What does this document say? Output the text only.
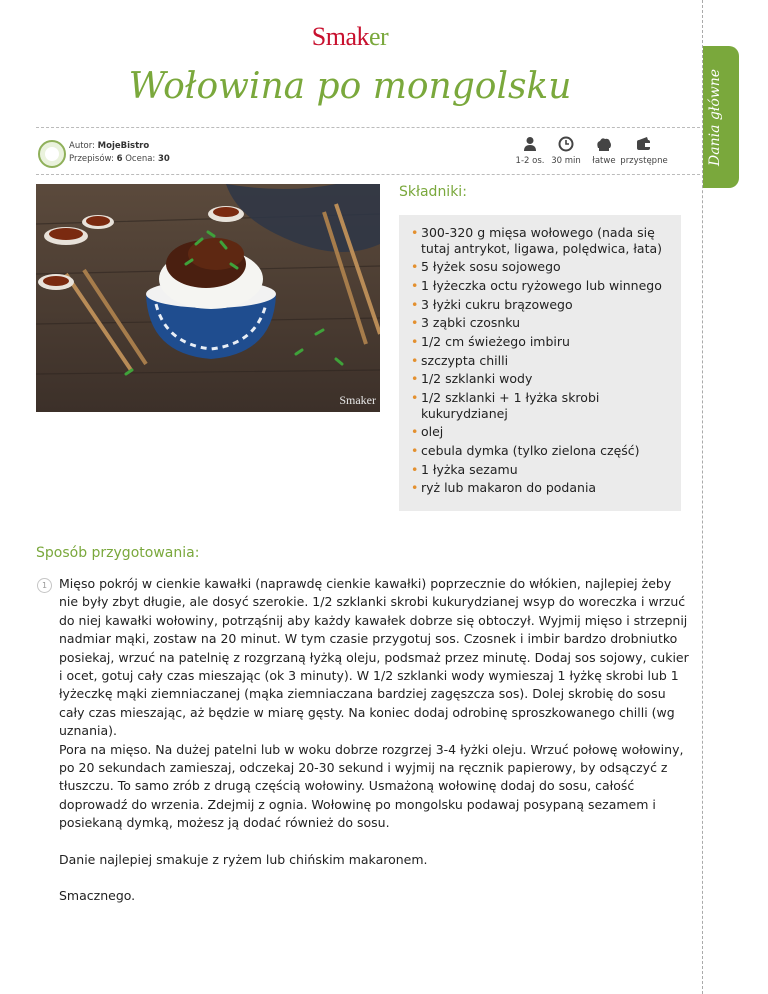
Smaker
Wołowina po mongolsku	Dania główne
Autor: MojeBistro
Przepisów: 6 Ocena: 30	1-2 os. 30 min	łatwe przystępne
Smaker
Składniki:
• 300-320 g mięsa wołowego (nada się tutaj antrykot, ligawa, polędwica, łata)
• 5 łyżek sosu sojowego
• 1 łyżeczka octu ryżowego lub winnego
• 3 łyżki cukru brązowego
• 3 ząbki czosnku
• 1/2 cm świeżego imbiru
• szczypta chilli
• 1/2 szklanki wody
• 1/2 szklanki + 1 łyżka skrobi kukurydzianej
• olej
• cebula dymka (tylko zielona część)
• 1 łyżka sezamu
• ryż lub makaron do podania
Sposób przygotowania:
1 Mięso pokrój w cienkie kawałki (naprawdę cienkie kawałki) poprzecznie do włókien, najlepiej żeby nie były zbyt długie, ale dosyć szerokie. 1/2 szklanki skrobi kukurydzianej wsyp do woreczka i wrzuć do niej kawałki wołowiny, potrząśnij aby każdy kawałek dobrze się obtoczył. Wyjmij mięso i strzepnij nadmiar mąki, zostaw na 20 minut. W tym czasie przygotuj sos. Czosnek i imbir bardzo drobniutko posiekaj, wrzuć na patelnię z rozgrzaną łyżką oleju, podsmaż przez minutę. Dodaj sos sojowy, cukier i ocet, gotuj cały czas mieszając (ok 3 minuty). W 1/2 szklanki wody wymieszaj 1 łyżkę skrobi lub 1 łyżeczkę mąki ziemniaczanej (mąka ziemniaczana bardziej zagęszcza sos). Dolej skrobię do sosu cały czas mieszając, aż będzie w miarę gęsty. Na koniec dodaj odrobinę sproszkowanego chilli (wg uznania).

Pora na mięso. Na dużej patelni lub w woku dobrze rozgrzej 3-4 łyżki oleju. Wrzuć połowę wołowiny, po 20 sekundach zamieszaj, odczekaj 20-30 sekund i wyjmij na ręcznik papierowy, by odsączyć z tłuszczu. To samo zrób z drugą częścią wołowiny. Usmażoną wołowinę dodaj do sosu, całość doprowadź do wrzenia. Zdejmij z ognia. Wołowinę po mongolsku podawaj posypaną sezamem i posiekaną dymką, możesz ją dodać również do sosu.

Danie najlepiej smakuje z ryżem lub chińskim makaronem.

Smacznego.
